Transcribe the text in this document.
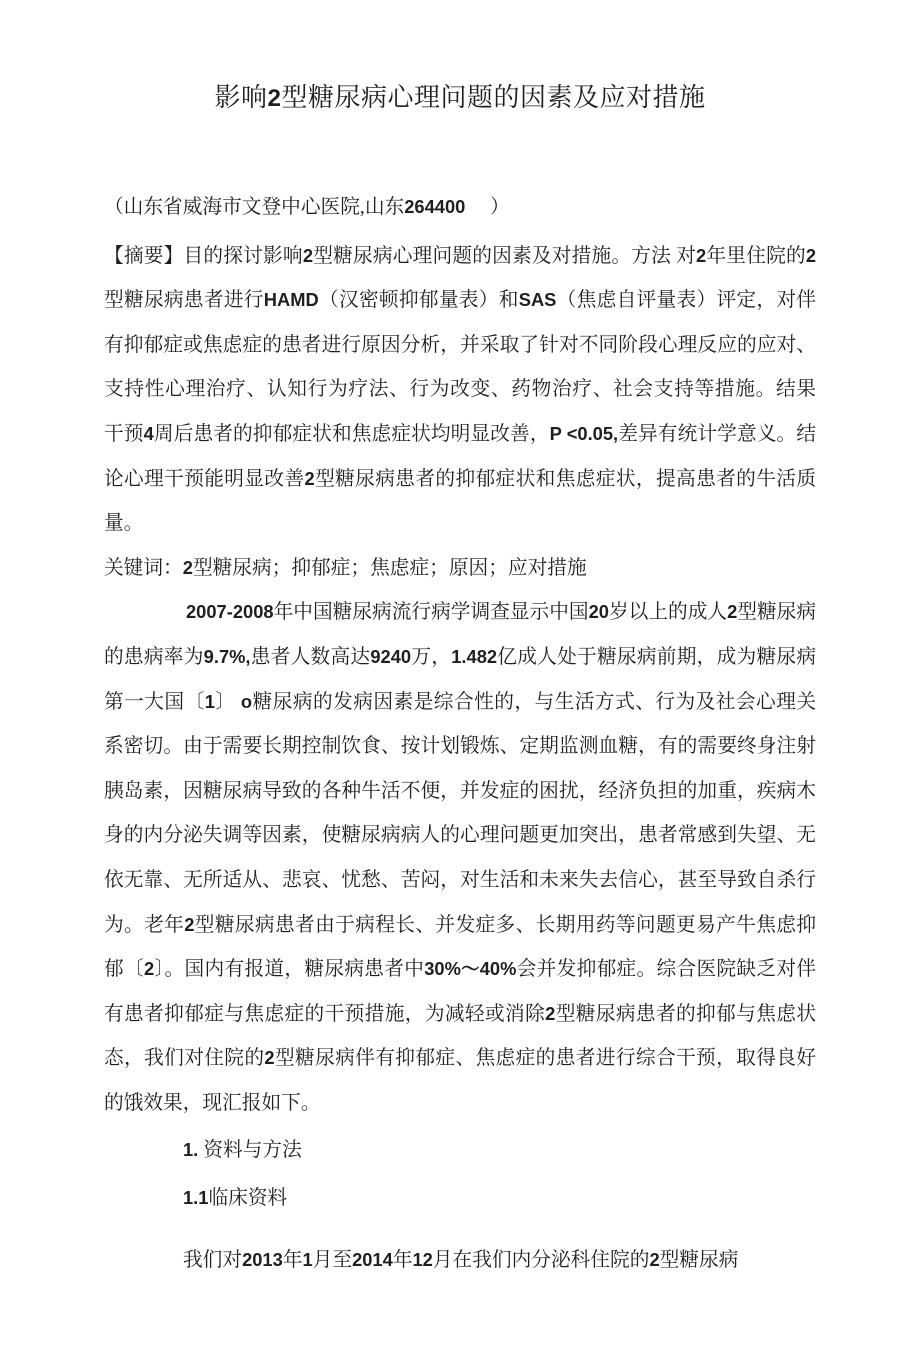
影响2型糖尿病心理问题的因素及应对措施
（山东省威海市文登中心医院,山东264400　 ）
【摘要】目的探讨影响2型糖尿病心理问题的因素及对措施。方法 对2年里住院的2型糖尿病患者进行HAMD（汉密顿抑郁量表）和SAS（焦虑自评量表）评定，对伴有抑郁症或焦虑症的患者进行原因分析，并采取了针对不同阶段心理反应的应对、支持性心理治疗、认知行为疗法、行为改变、药物治疗、社会支持等措施。结果 干预4周后患者的抑郁症状和焦虑症状均明显改善，P <0.05,差异有统计学意义。结论心理干预能明显改善2型糖尿病患者的抑郁症状和焦虑症状，提高患者的牛活质量。
关键词：2型糖尿病；抑郁症；焦虑症；原因；应对措施
2007-2008年中国糖尿病流行病学调查显示中国20岁以上的成人2型糖尿病的患病率为9.7%,患者人数高达9240万，1.482亿成人处于糖尿病前期，成为糖尿病第一大国〔1〕 o糖尿病的发病因素是综合性的，与生活方式、行为及社会心理关系密切。由于需要长期控制饮食、按计划锻炼、定期监测血糖，有的需要终身注射胰岛素，因糖尿病导致的各种牛活不便，并发症的困扰，经济负担的加重，疾病木身的内分泌失调等因素，使糖尿病病人的心理问题更加突出，患者常感到失望、无依无靠、无所适从、悲哀、忧愁、苦闷，对生活和未来失去信心，甚至导致自杀行为。老年2型糖尿病患者由于病程长、并发症多、长期用药等问题更易产牛焦虑抑郁〔2〕。国内有报道，糖尿病患者中30%～40%会并发抑郁症。综合医院缺乏对伴有患者抑郁症与焦虑症的干预措施，为减轻或消除2型糖尿病患者的抑郁与焦虑状态，我们对住院的2型糖尿病伴有抑郁症、焦虑症的患者进行综合干预，取得良好的饿效果，现汇报如下。
1. 资料与方法
1.1临床资料
我们对2013年1月至2014年12月在我们内分泌科住院的2型糖尿病
